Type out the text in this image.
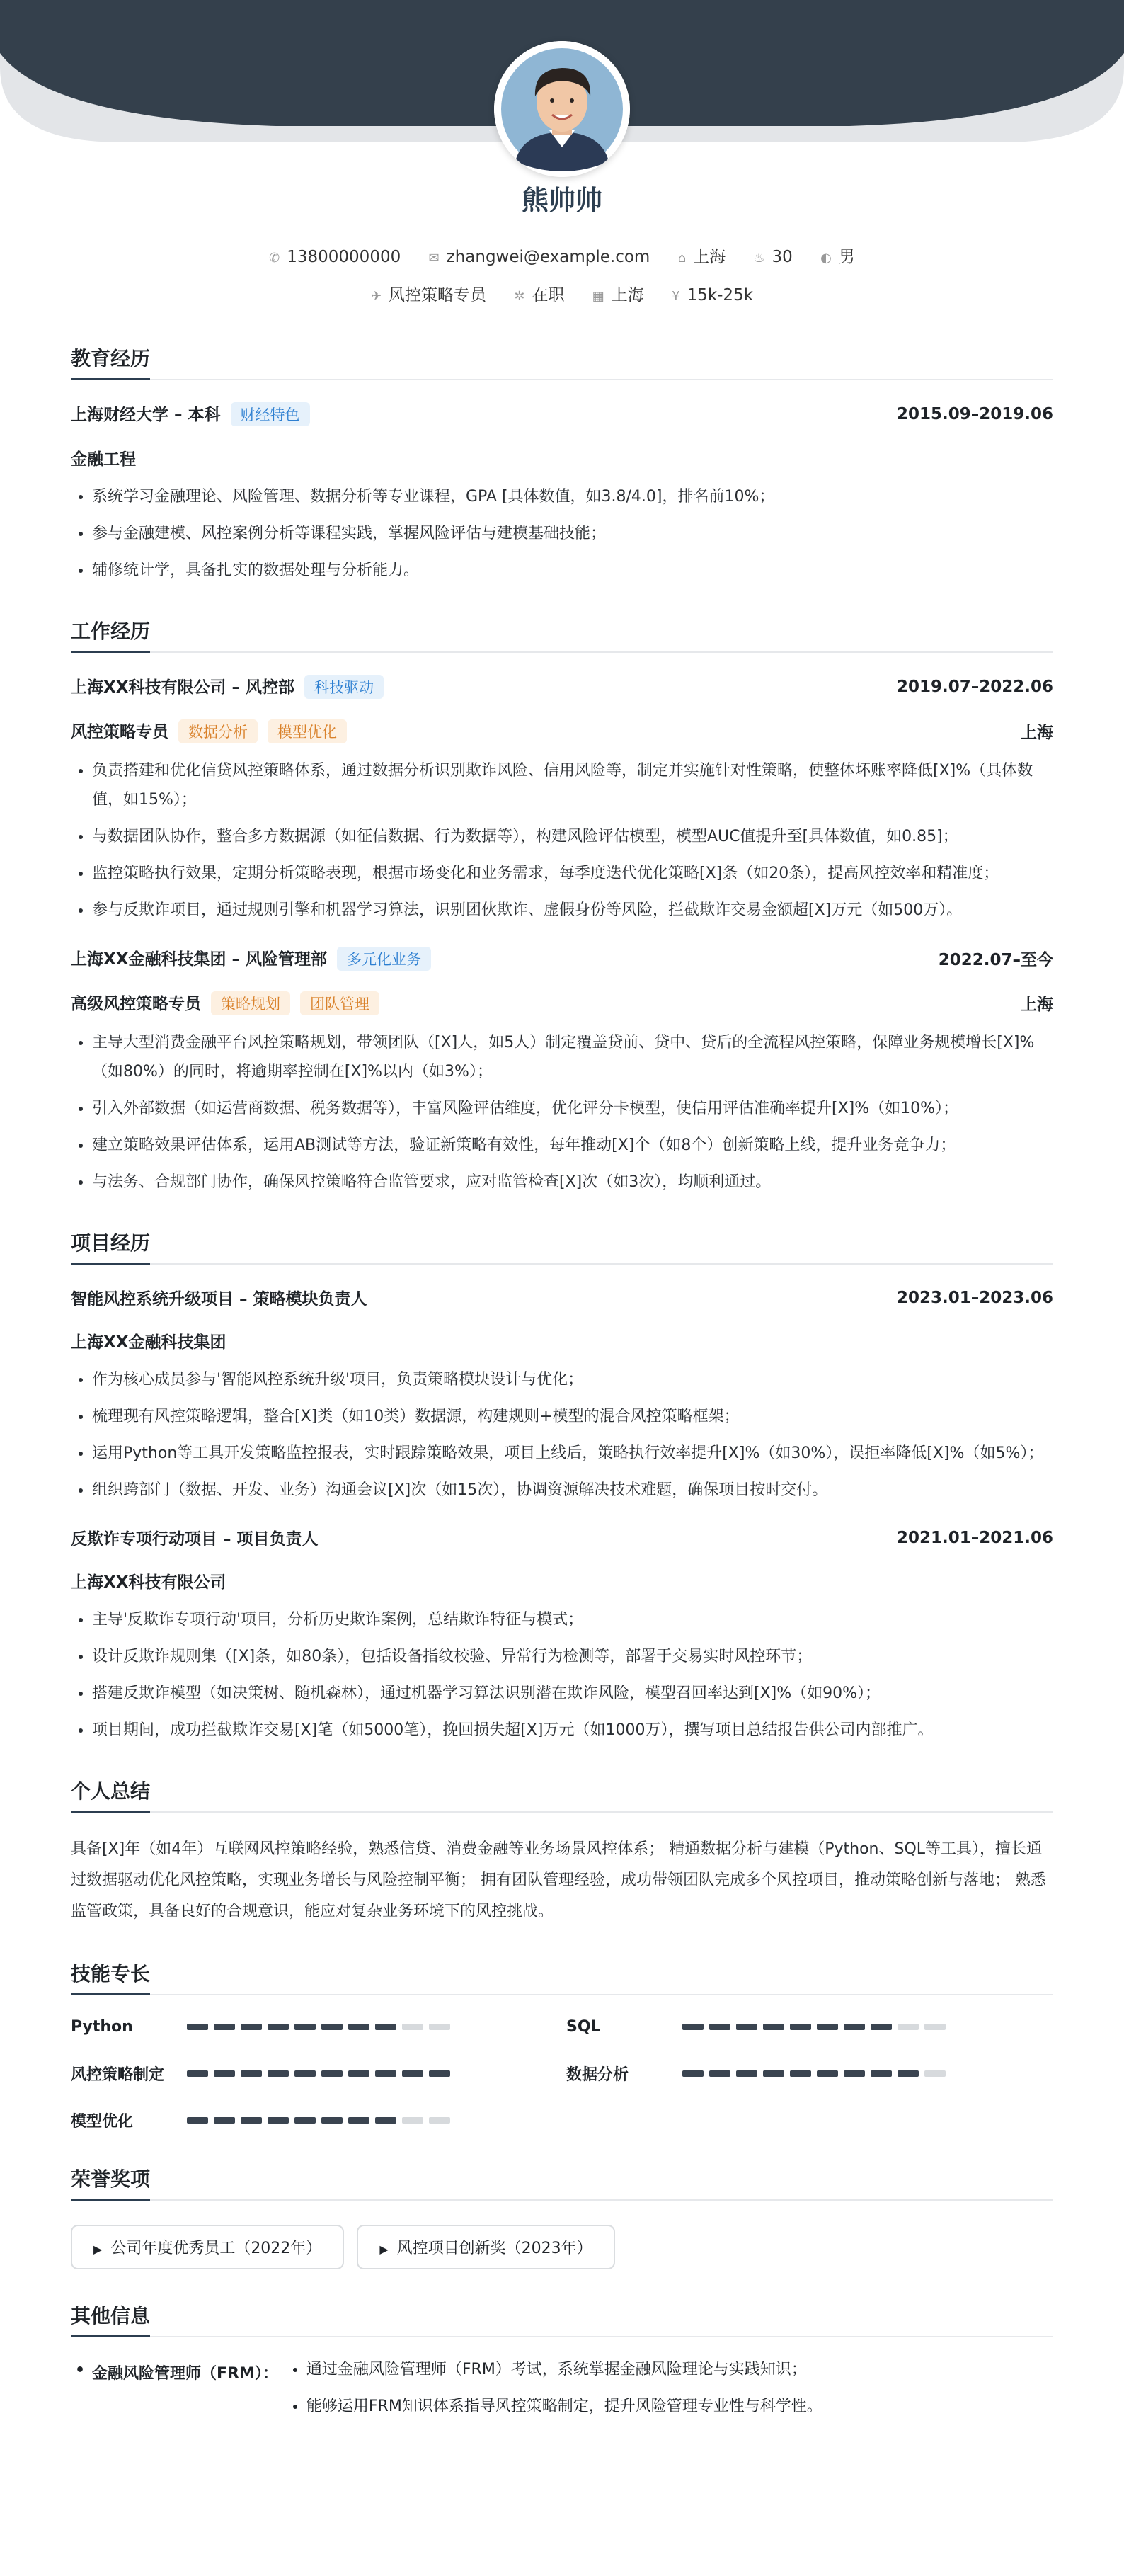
熊帅帅
✆ 13800000000 ✉ zhangwei@example.com ⌂ 上海 ♨ 30 ◐ 男
✈ 风控策略专员 ✲ 在职 ▦ 上海 ¥ 15k-25k
教育经历
上海财经大学 – 本科 财经特色	2015.09–2019.06
金融工程
• 系统学习金融理论、风险管理、数据分析等专业课程，GPA [具体数值，如3.8/4.0]，排名前10%；
• 参与金融建模、风控案例分析等课程实践，掌握风险评估与建模基础技能；
• 辅修统计学，具备扎实的数据处理与分析能力。
工作经历
上海XX科技有限公司 – 风控部 科技驱动	2019.07–2022.06
风控策略专员 数据分析 模型优化	上海
• 负责搭建和优化信贷风控策略体系，通过数据分析识别欺诈风险、信用风险等，制定并实施针对性策略，使整体坏账率降低[X]%（具体数值，如15%）；
• 与数据团队协作，整合多方数据源（如征信数据、行为数据等），构建风险评估模型，模型AUC值提升至[具体数值，如0.85]；
• 监控策略执行效果，定期分析策略表现，根据市场变化和业务需求，每季度迭代优化策略[X]条（如20条），提高风控效率和精准度；
• 参与反欺诈项目，通过规则引擎和机器学习算法，识别团伙欺诈、虚假身份等风险，拦截欺诈交易金额超[X]万元（如500万）。
上海XX金融科技集团 – 风险管理部 多元化业务	2022.07–至今
高级风控策略专员 策略规划 团队管理	上海
• 主导大型消费金融平台风控策略规划，带领团队（[X]人，如5人）制定覆盖贷前、贷中、贷后的全流程风控策略，保障业务规模增长[X]%（如80%）的同时，将逾期率控制在[X]%以内（如3%）；
• 引入外部数据（如运营商数据、税务数据等），丰富风险评估维度，优化评分卡模型，使信用评估准确率提升[X]%（如10%）；
• 建立策略效果评估体系，运用AB测试等方法，验证新策略有效性，每年推动[X]个（如8个）创新策略上线，提升业务竞争力；
• 与法务、合规部门协作，确保风控策略符合监管要求，应对监管检查[X]次（如3次），均顺利通过。
项目经历
智能风控系统升级项目 – 策略模块负责人	2023.01–2023.06
上海XX金融科技集团
• 作为核心成员参与'智能风控系统升级'项目，负责策略模块设计与优化；
• 梳理现有风控策略逻辑，整合[X]类（如10类）数据源，构建规则+模型的混合风控策略框架；
• 运用Python等工具开发策略监控报表，实时跟踪策略效果，项目上线后，策略执行效率提升[X]%（如30%），误拒率降低[X]%（如5%）；
• 组织跨部门（数据、开发、业务）沟通会议[X]次（如15次），协调资源解决技术难题，确保项目按时交付。
反欺诈专项行动项目 – 项目负责人	2021.01–2021.06
上海XX科技有限公司
• 主导'反欺诈专项行动'项目，分析历史欺诈案例，总结欺诈特征与模式；
• 设计反欺诈规则集（[X]条，如80条），包括设备指纹校验、异常行为检测等，部署于交易实时风控环节；
• 搭建反欺诈模型（如决策树、随机森林），通过机器学习算法识别潜在欺诈风险，模型召回率达到[X]%（如90%）；
• 项目期间，成功拦截欺诈交易[X]笔（如5000笔），挽回损失超[X]万元（如1000万），撰写项目总结报告供公司内部推广。
个人总结
具备[X]年（如4年）互联网风控策略经验，熟悉信贷、消费金融等业务场景风控体系； 精通数据分析与建模（Python、SQL等工具），擅长通过数据驱动优化风控策略，实现业务增长与风险控制平衡； 拥有团队管理经验，成功带领团队完成多个风控项目，推动策略创新与落地； 熟悉监管政策，具备良好的合规意识，能应对复杂业务环境下的风控挑战。
技能专长
Python	SQL
风控策略制定	数据分析
模型优化
荣誉奖项
▶ 公司年度优秀员工（2022年）	▶ 风控项目创新奖（2023年）
其他信息
• 金融风险管理师（FRM）：
• 通过金融风险管理师（FRM）考试，系统掌握金融风险理论与实践知识；
• 能够运用FRM知识体系指导风控策略制定，提升风险管理专业性与科学性。
